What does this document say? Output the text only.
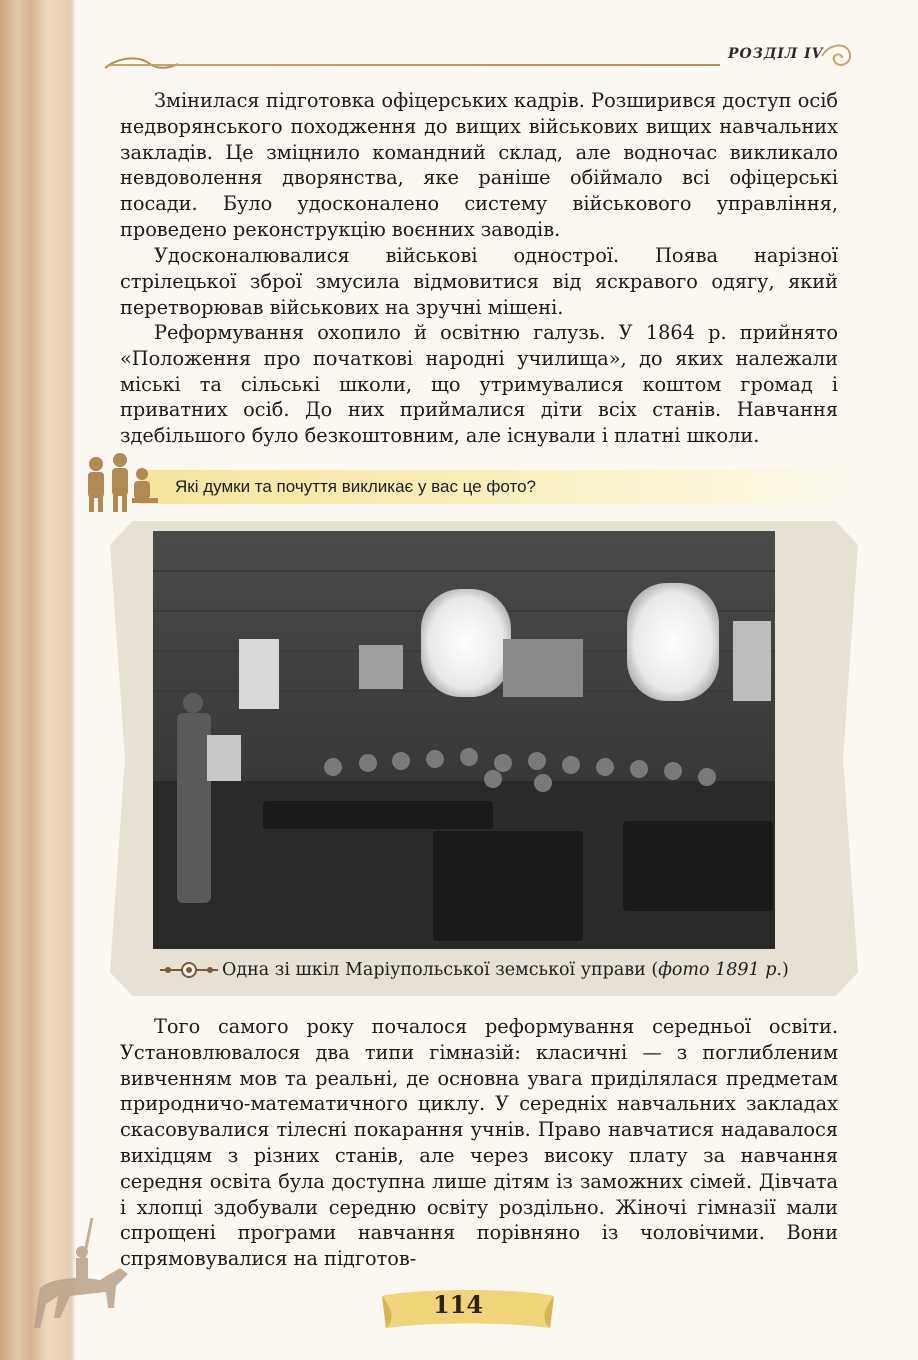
РОЗДІЛ IV

Змінилася підготовка офіцерських кадрів. Розширився доступ осіб недворянського походження до вищих військових вищих навчальних закладів. Це зміцнило командний склад, але водночас викликало невдоволення дворянства, яке раніше обіймало всі офіцерські посади. Було удосконалено систему військового управління, проведено реконструкцію воєнних заводів.

Удосконалювалися військові однострої. Поява нарізної стрілецької зброї змусила відмовитися від яскравого одягу, який перетворював військових на зручні мішені.

Реформування охопило й освітню галузь. У 1864 р. прийнято «Положення про початкові народні училища», до яких належали міські та сільські школи, що утримувалися коштом громад і приватних осіб. До них приймалися діти всіх станів. Навчання здебільшого було безкоштовним, але існували і платні школи.

Які думки та почуття викликає у вас це фото?
Одна зі шкіл Маріупольської земської управи (фото 1891 р.)

Того самого року почалося реформування середньої освіти. Установлювалося два типи гімназій: класичні — з поглибленим вивченням мов та реальні, де основна увага приділялася предметам природничо-математичного циклу. У середніх навчальних закладах скасовувалися тілесні покарання учнів. Право навчатися надавалося вихідцям з різних станів, але через високу плату за навчання середня освіта була доступна лише дітям із заможних сімей. Дівчата і хлопці здобували середню освіту роздільно. Жіночі гімназії мали спрощені програми навчання порівняно із чоловічими. Вони спрямовувалися на підготов-

114
